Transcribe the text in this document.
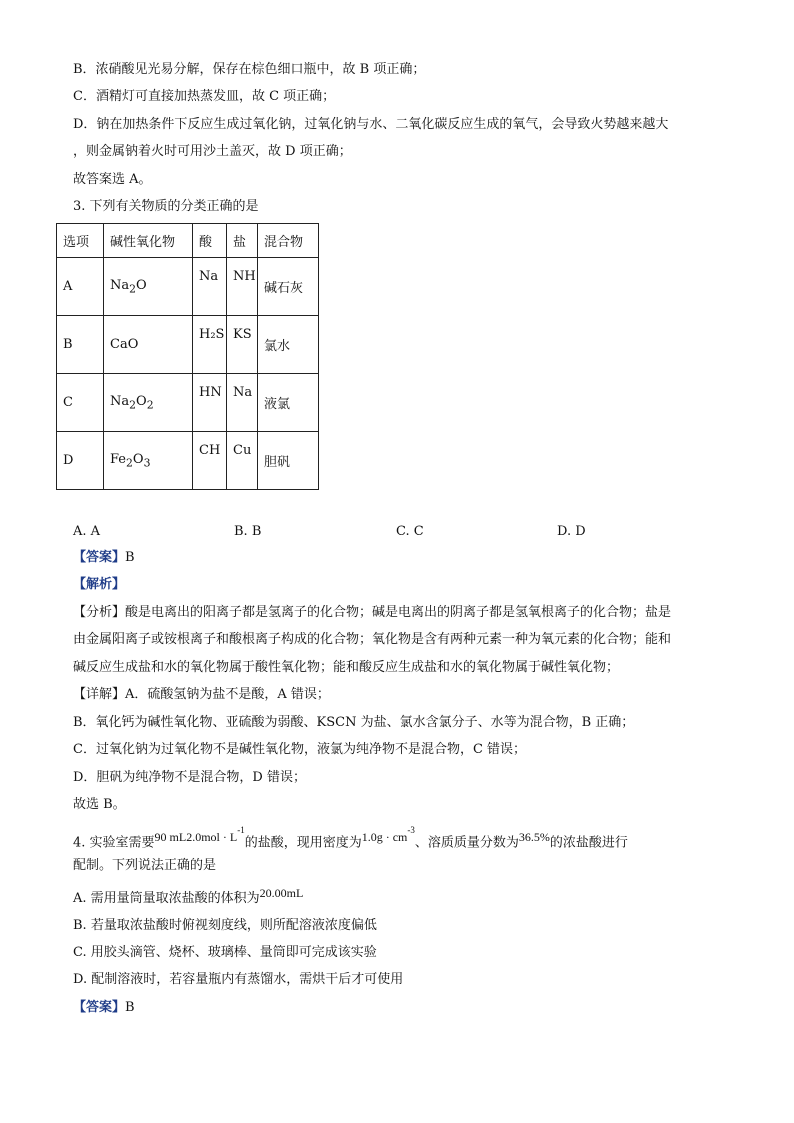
B．浓硝酸见光易分解，保存在棕色细口瓶中，故 B 项正确；
C．酒精灯可直接加热蒸发皿，故 C 项正确；
D．钠在加热条件下反应生成过氧化钠，过氧化钠与水、二氧化碳反应生成的氧气，会导致火势越来越大
，则金属钠着火时可用沙土盖灭，故 D 项正确；
故答案选 A。
3. 下列有关物质的分类正确的是
选项	碱性氧化物	酸	盐	混合物
A	$Na_2O$	Na	NH	碱石灰
B	CaO	H₂S	KS	氯水
C	$Na_2O_2$	HN	Na	液氯
D	$Fe_2O_3$	CH	Cu	胆矾
A. A	B. B	C. C	D. D
【答案】B
【解析】
【分析】酸是电离出的阳离子都是氢离子的化合物；碱是电离出的阴离子都是氢氧根离子的化合物；盐是
由金属阳离子或铵根离子和酸根离子构成的化合物；氧化物是含有两种元素一种为氧元素的化合物；能和
碱反应生成盐和水的氧化物属于酸性氧化物；能和酸反应生成盐和水的氧化物属于碱性氧化物；
【详解】A．硫酸氢钠为盐不是酸，A 错误；
B．氧化钙为碱性氧化物、亚硫酸为弱酸、KSCN 为盐、氯水含氯分子、水等为混合物，B 正确；
C．过氧化钠为过氧化物不是碱性氧化物，液氯为纯净物不是混合物，C 错误；
D．胆矾为纯净物不是混合物，D 错误；
故选 B。
4. 实验室需要90 $mL2.0mol \cdot L^{-1}$的盐酸，现用密度为$1.0g \cdot cm^{-3}$、溶质质量分数为36.5%的浓盐酸进行
配制。下列说法正确的是
A. 需用量筒量取浓盐酸的体积为20.00mL
B. 若量取浓盐酸时俯视刻度线，则所配溶液浓度偏低
C. 用胶头滴管、烧杯、玻璃棒、量筒即可完成该实验
D. 配制溶液时，若容量瓶内有蒸馏水，需烘干后才可使用
【答案】B
